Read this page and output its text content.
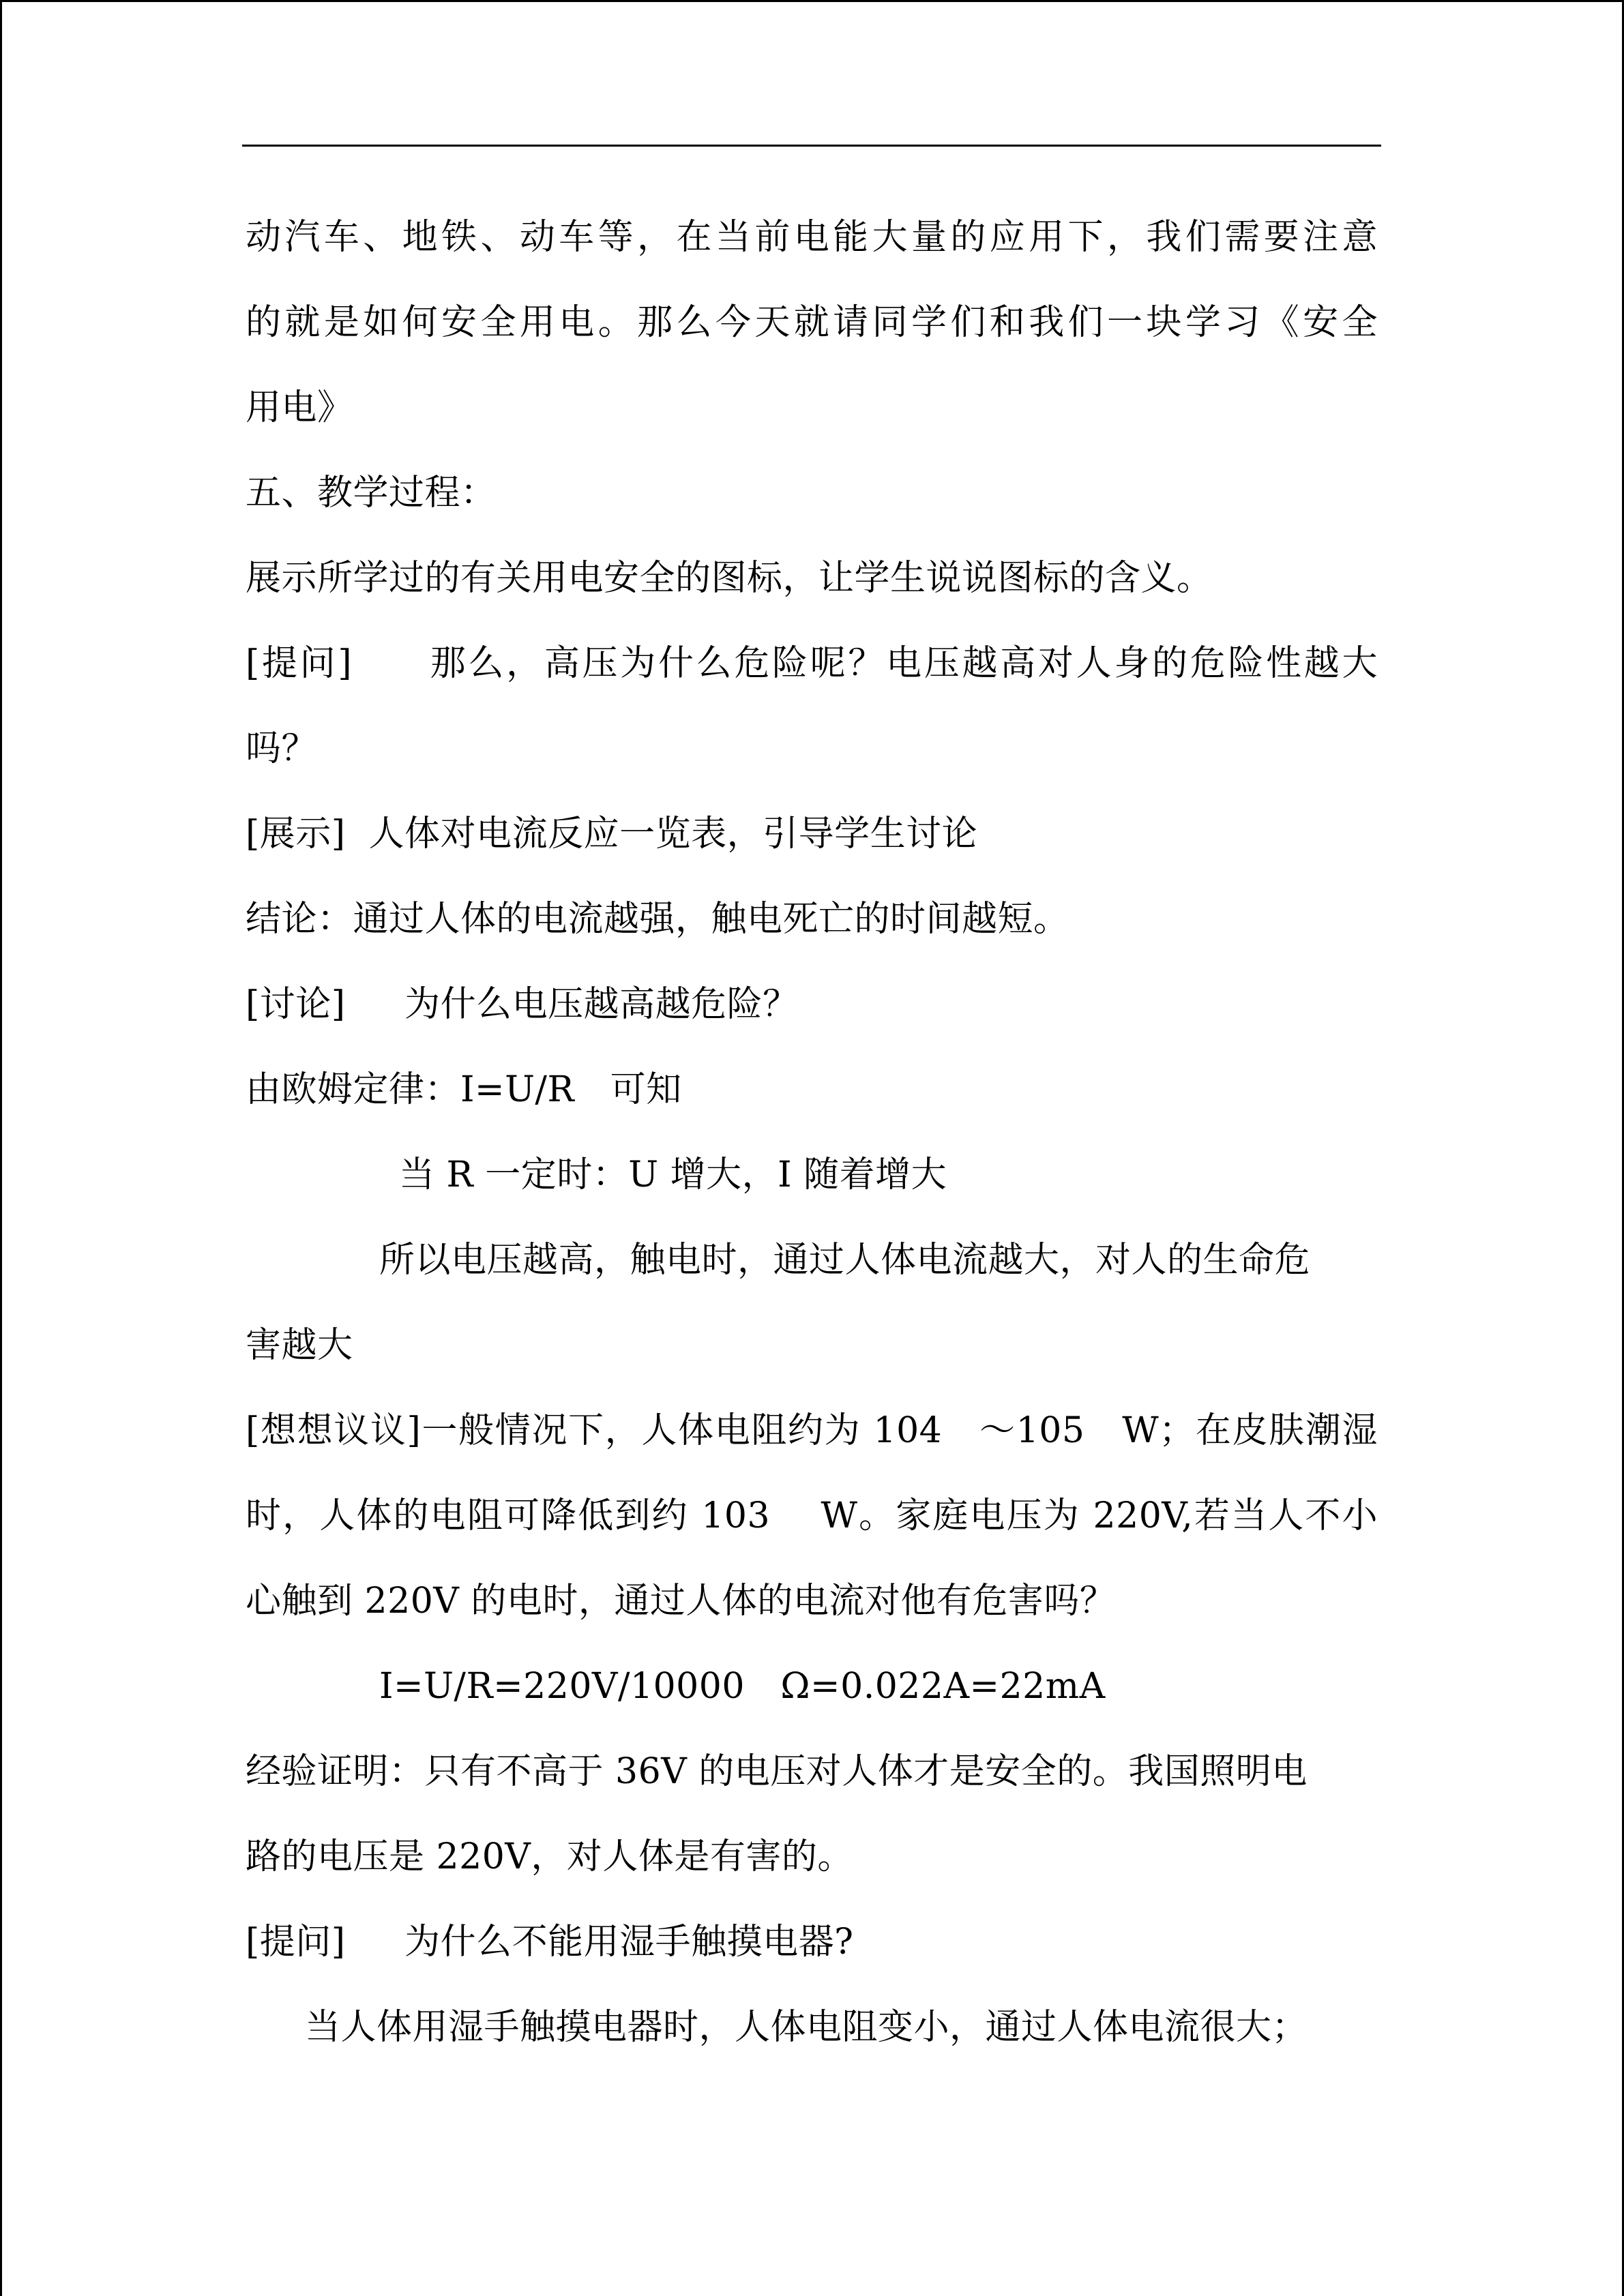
动汽车、地铁、动车等，在当前电能大量的应用下，我们需要注意
的就是如何安全用电。那么今天就请同学们和我们一块学习《安全
用电》
五、教学过程：
展示所学过的有关用电安全的图标，让学生说说图标的含义。
[提问]　　那么，高压为什么危险呢？电压越高对人身的危险性越大
吗？
[展示]  人体对电流反应一览表，引导学生讨论
结论：通过人体的电流越强，触电死亡的时间越短。
[讨论]　  为什么电压越高越危险？
由欧姆定律：I=U/R　可知
当 R 一定时：U 增大，I 随着增大
所以电压越高，触电时，通过人体电流越大，对人的生命危
害越大
[想想议议]一般情况下，人体电阻约为 104　～105　W；在皮肤潮湿
时，人体的电阻可降低到约 103　 W。家庭电压为 220V,若当人不小
心触到 220V 的电时，通过人体的电流对他有危害吗？
I=U/R=220V/10000　Ω=0.022A=22mA
经验证明：只有不高于 36V 的电压对人体才是安全的。我国照明电
路的电压是 220V，对人体是有害的。
[提问]　  为什么不能用湿手触摸电器?
当人体用湿手触摸电器时，人体电阻变小，通过人体电流很大；
